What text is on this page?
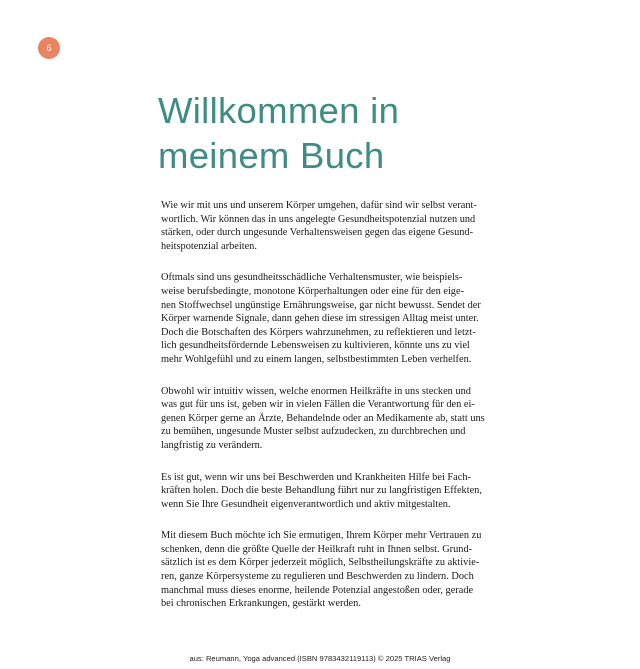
6
Willkommen in
meinem Buch

Wie wir mit uns und unserem Körper umgehen, dafür sind wir selbst verant-
wortlich. Wir können das in uns angelegte Gesundheitspotenzial nutzen und
stärken, oder durch ungesunde Verhaltensweisen gegen das eigene Gesund-
heitspotenzial arbeiten.

Oftmals sind uns gesundheitsschädliche Verhaltensmuster, wie beispiels-
weise berufsbedingte, monotone Körperhaltungen oder eine für den eige-
nen Stoffwechsel ungünstige Ernährungsweise, gar nicht bewusst. Sendet der
Körper warnende Signale, dann gehen diese im stressigen Alltag meist unter.
Doch die Botschaften des Körpers wahrzunehmen, zu reflektieren und letzt-
lich gesundheitsfördernde Lebensweisen zu kultivieren, könnte uns zu viel
mehr Wohlgefühl und zu einem langen, selbstbestimmten Leben verhelfen.

Obwohl wir intuitiv wissen, welche enormen Heilkräfte in uns stecken und
was gut für uns ist, geben wir in vielen Fällen die Verantwortung für den ei-
genen Körper gerne an Ärzte, Behandelnde oder an Medikamente ab, statt uns
zu bemühen, ungesunde Muster selbst aufzudecken, zu durchbrechen und
langfristig zu verändern.

Es ist gut, wenn wir uns bei Beschwerden und Krankheiten Hilfe bei Fach-
kräften holen. Doch die beste Behandlung führt nur zu langfristigen Effekten,
wenn Sie Ihre Gesundheit eigenverantwortlich und aktiv mitgestalten.

Mit diesem Buch möchte ich Sie ermutigen, Ihrem Körper mehr Vertrauen zu
schenken, denn die größte Quelle der Heilkraft ruht in Ihnen selbst. Grund-
sätzlich ist es dem Körper jederzeit möglich, Selbstheilungskräfte zu aktivie-
ren, ganze Körpersysteme zu regulieren und Beschwerden zu lindern. Doch
manchmal muss dieses enorme, heilende Potenzial angestoßen oder, gerade
bei chronischen Erkrankungen, gestärkt werden.

aus: Reumann, Yoga advanced (ISBN 9783432119113) © 2025 TRIAS Verlag
